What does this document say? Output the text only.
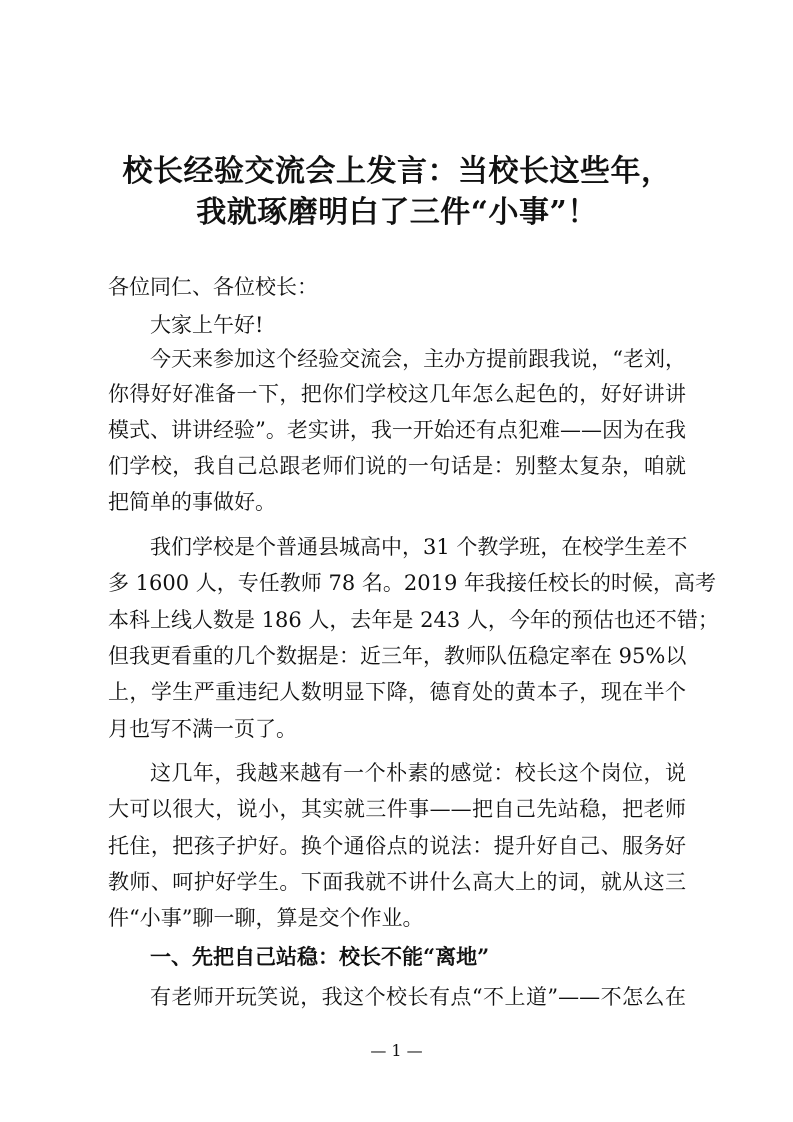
校长经验交流会上发言：当校长这些年，
我就琢磨明白了三件“小事”！
各位同仁、各位校长：
大家上午好!
今天来参加这个经验交流会，主办方提前跟我说，“老刘，
你得好好准备一下，把你们学校这几年怎么起色的，好好讲讲
模式、讲讲经验”。老实讲，我一开始还有点犯难——因为在我
们学校，我自己总跟老师们说的一句话是：别整太复杂，咱就
把简单的事做好。
我们学校是个普通县城高中，31 个教学班，在校学生差不
多 1600 人，专任教师 78 名。2019 年我接任校长的时候，高考
本科上线人数是 186 人，去年是 243 人，今年的预估也还不错；
但我更看重的几个数据是：近三年，教师队伍稳定率在 95%以
上，学生严重违纪人数明显下降，德育处的黄本子，现在半个
月也写不满一页了。
这几年，我越来越有一个朴素的感觉：校长这个岗位，说
大可以很大，说小，其实就三件事——把自己先站稳，把老师
托住，把孩子护好。换个通俗点的说法：提升好自己、服务好
教师、呵护好学生。下面我就不讲什么高大上的词，就从这三
件“小事”聊一聊，算是交个作业。
一、先把自己站稳：校长不能“离地”
有老师开玩笑说，我这个校长有点“不上道”——不怎么在
— 1 —
